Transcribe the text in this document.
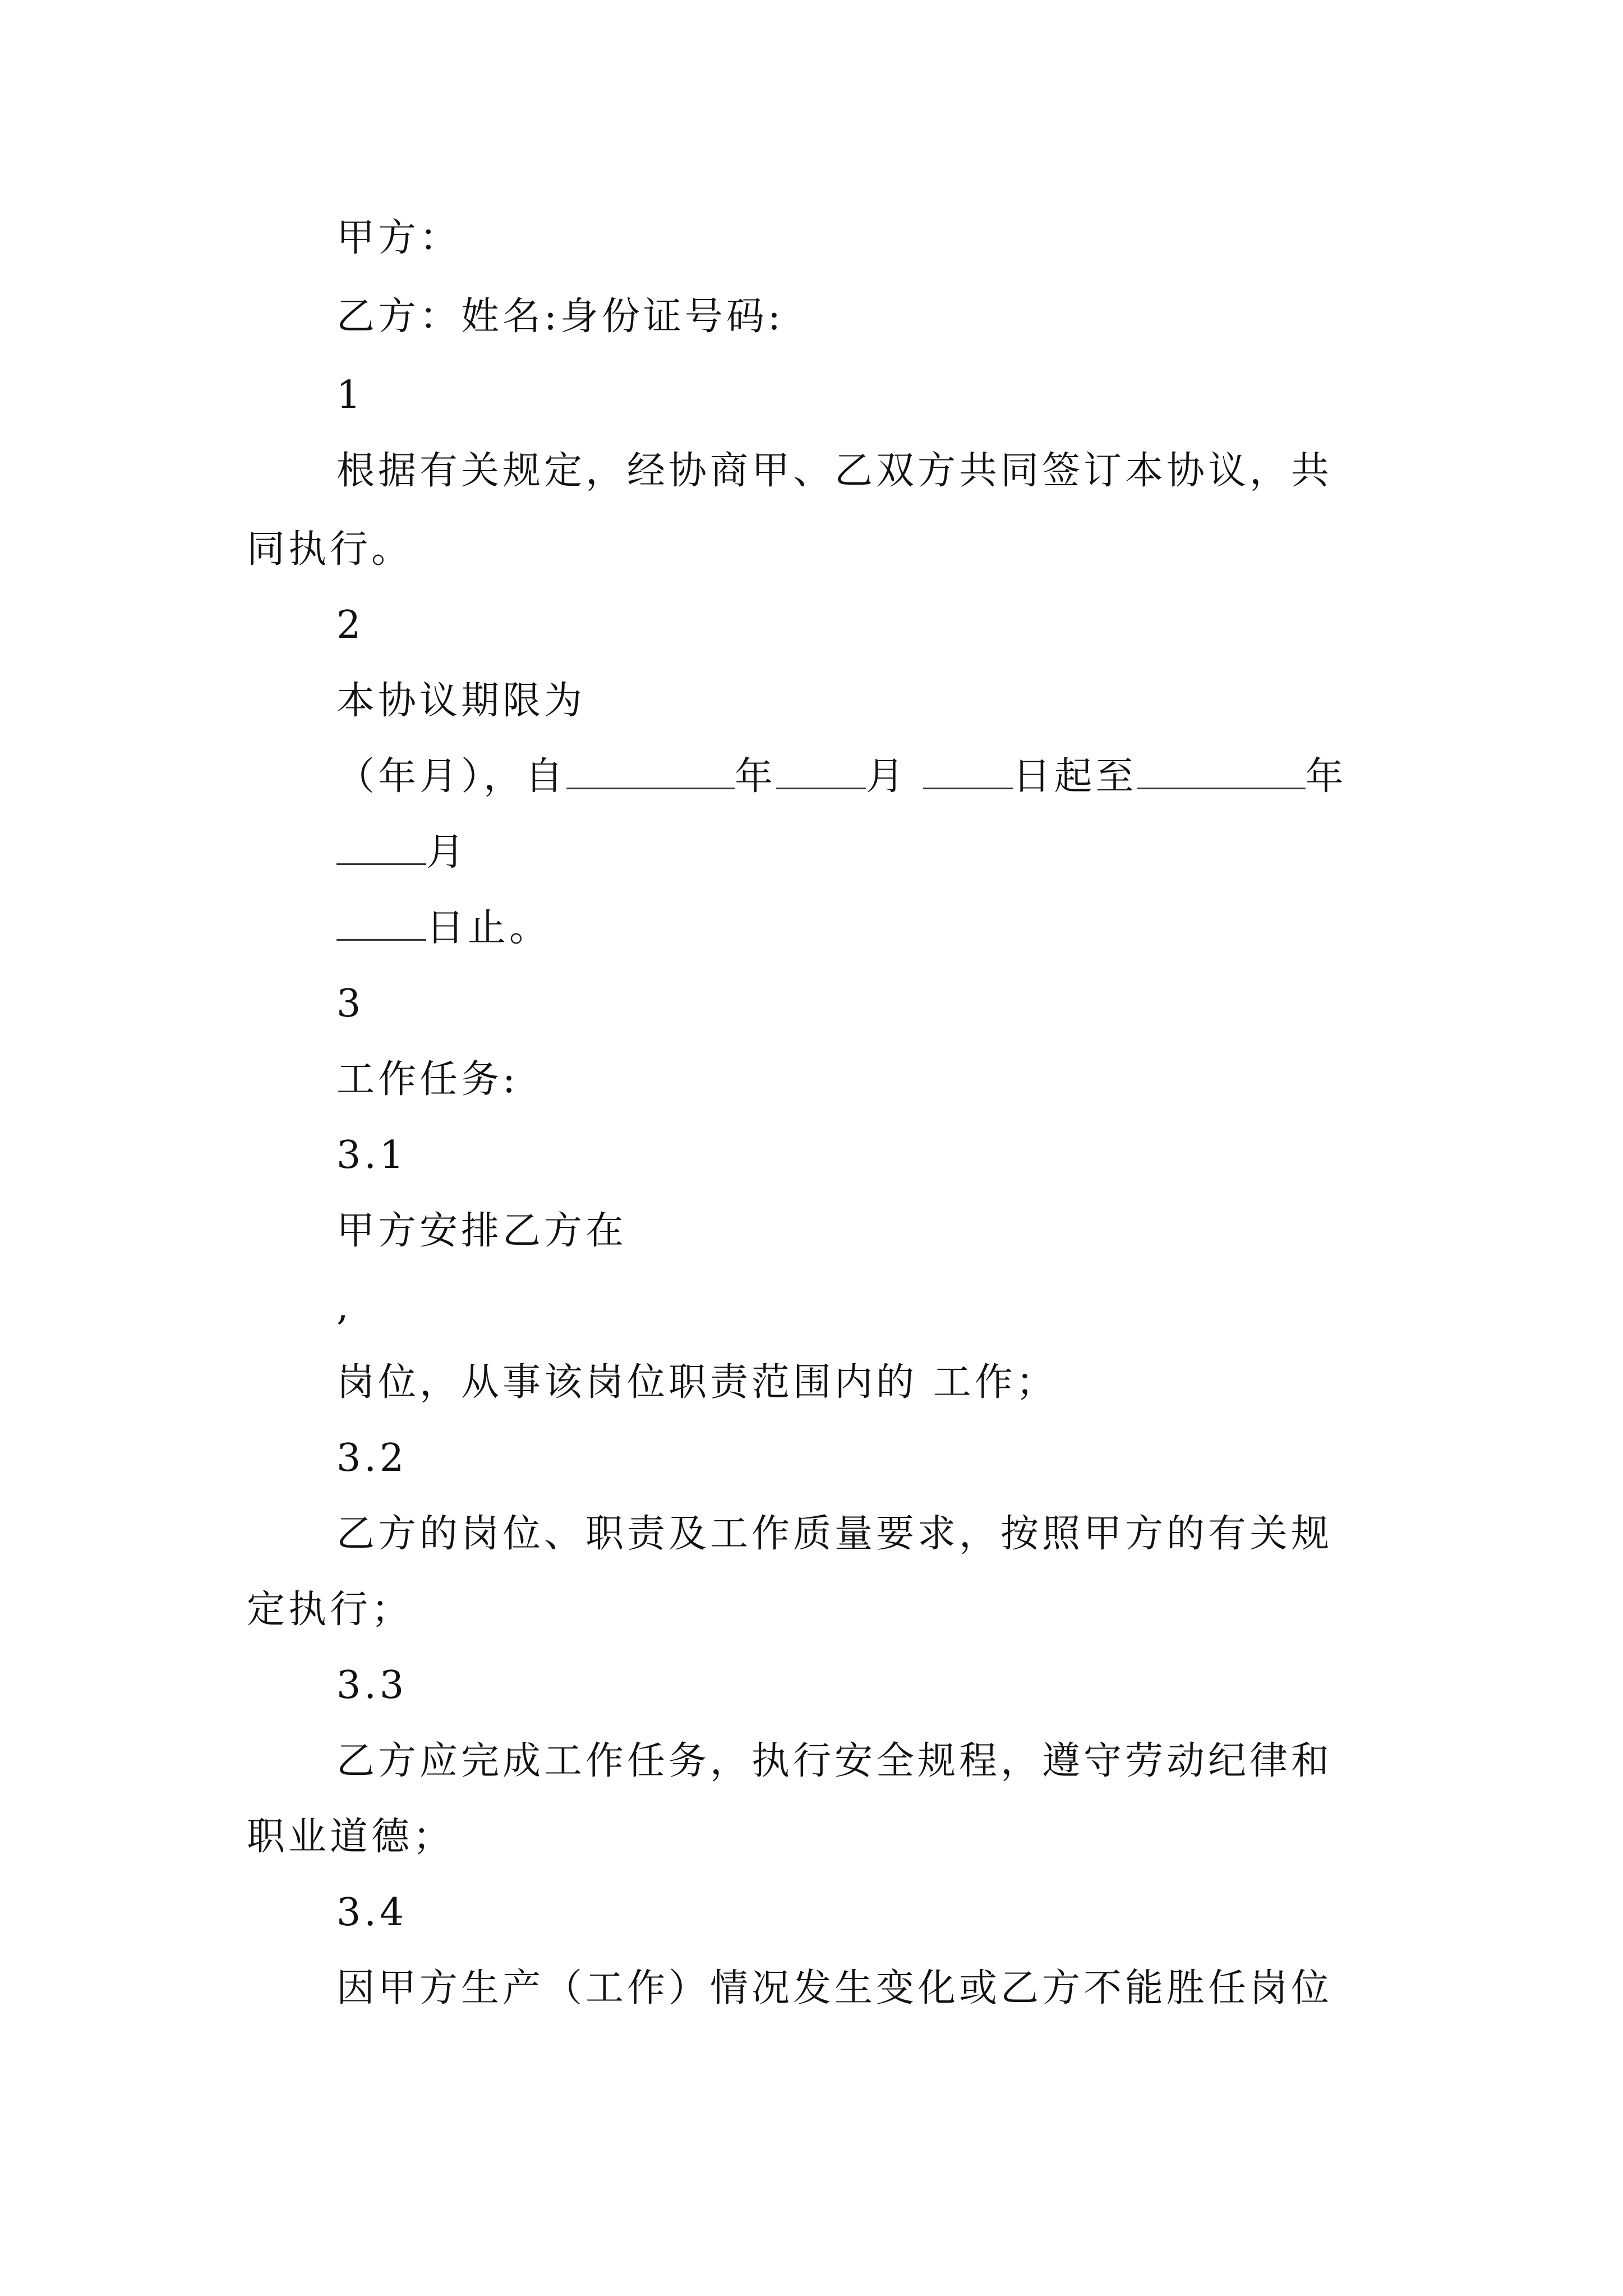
甲方：
乙方：姓名:身份证号码:
1
根据有关规定，经协商甲、乙双方共同签订本协议，共
同执行。
2
本协议期限为
（年月），自	年 月 日起至	年
月
日止。
3
工作任务:
3.1
甲方安排乙方在
,
岗位，从事该岗位职责范围内的 工作；
3.2
乙方的岗位、职责及工作质量要求，按照甲方的有关规
定执行；
3.3
乙方应完成工作任务，执行安全规程，遵守劳动纪律和
职业道德；
3.4
因甲方生产（工作）情况发生变化或乙方不能胜任岗位
